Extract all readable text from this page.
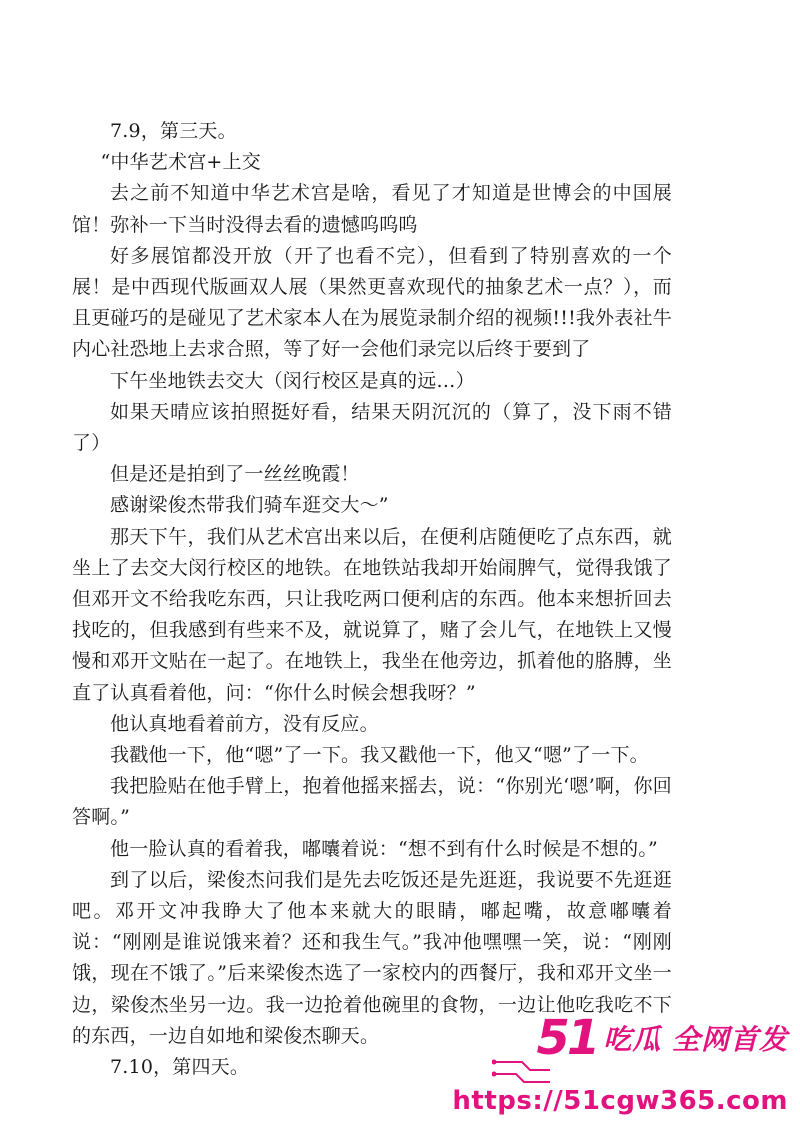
7.9，第三天。

“中华艺术宫+上交

去之前不知道中华艺术宫是啥，看见了才知道是世博会的中国展馆！弥补一下当时没得去看的遗憾呜呜呜

好多展馆都没开放（开了也看不完），但看到了特别喜欢的一个展！是中西现代版画双人展（果然更喜欢现代的抽象艺术一点？），而且更碰巧的是碰见了艺术家本人在为展览录制介绍的视频!!!我外表社牛内心社恐地上去求合照，等了好一会他们录完以后终于要到了

下午坐地铁去交大（闵行校区是真的远…）

如果天晴应该拍照挺好看，结果天阴沉沉的（算了，没下雨不错了）

但是还是拍到了一丝丝晚霞！

感谢梁俊杰带我们骑车逛交大～”

那天下午，我们从艺术宫出来以后，在便利店随便吃了点东西，就坐上了去交大闵行校区的地铁。在地铁站我却开始闹脾气，觉得我饿了但邓开文不给我吃东西，只让我吃两口便利店的东西。他本来想折回去找吃的，但我感到有些来不及，就说算了，赌了会儿气，在地铁上又慢慢和邓开文贴在一起了。在地铁上，我坐在他旁边，抓着他的胳膊，坐直了认真看着他，问：“你什么时候会想我呀？”

他认真地看着前方，没有反应。

我戳他一下，他“嗯”了一下。我又戳他一下，他又“嗯”了一下。

我把脸贴在他手臂上，抱着他摇来摇去，说：“你别光‘嗯’啊，你回答啊。”

他一脸认真的看着我，嘟囔着说：“想不到有什么时候是不想的。”

到了以后，梁俊杰问我们是先去吃饭还是先逛逛，我说要不先逛逛吧。邓开文冲我睁大了他本来就大的眼睛，嘟起嘴，故意嘟囔着说：“刚刚是谁说饿来着？还和我生气。”我冲他嘿嘿一笑，说：“刚刚饿，现在不饿了。”后来梁俊杰选了一家校内的西餐厅，我和邓开文坐一边，梁俊杰坐另一边。我一边抢着他碗里的食物，一边让他吃我吃不下的东西，一边自如地和梁俊杰聊天。

7.10，第四天。

51 吃瓜 全网首发
https://51cgw365.com
